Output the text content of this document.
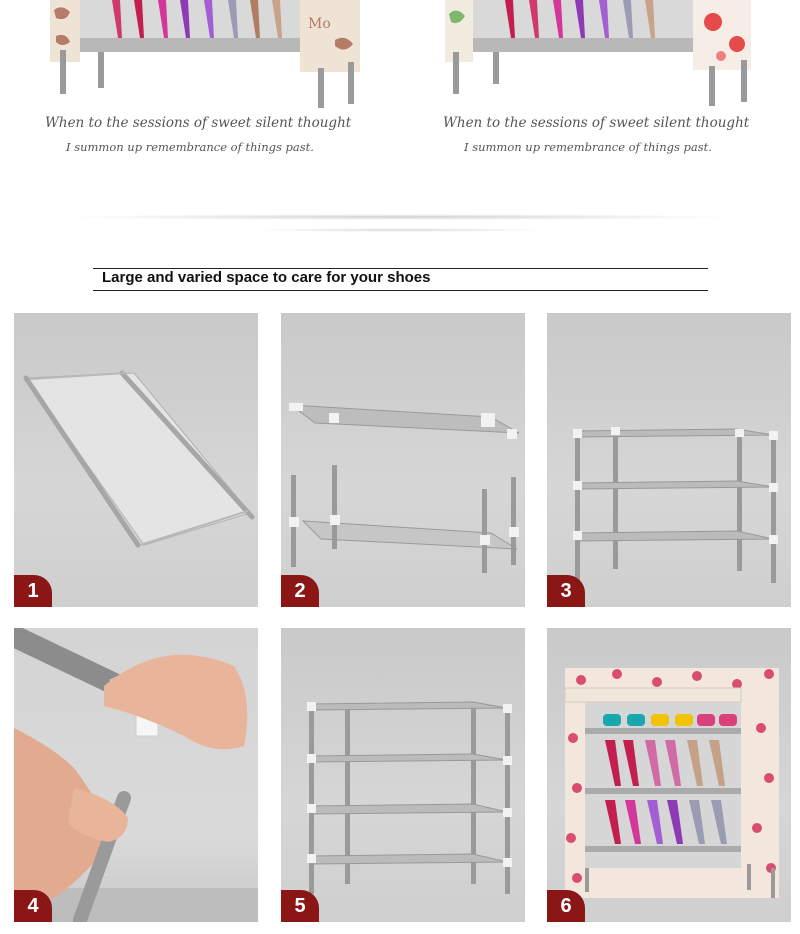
Mo
When to the sessions of sweet silent thought
I summon up remembrance of things past.
When to the sessions of sweet silent thought
I summon up remembrance of things past.
Large and varied space to care for your shoes
1	2	3
4	5	6
